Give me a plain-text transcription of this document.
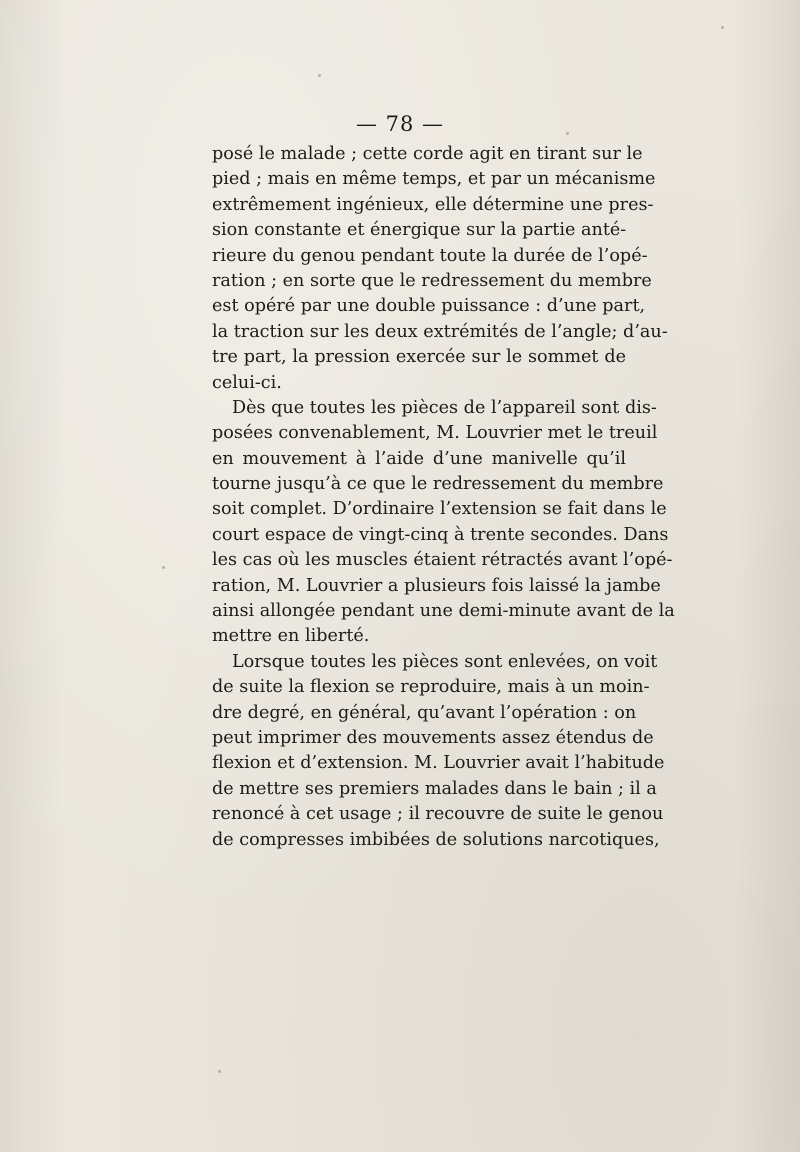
— 78 —
posé le malade ; cette corde agit en tirant sur le
pied ; mais en même temps, et par un mécanisme
extrêmement ingénieux, elle détermine une pres-
sion constante et énergique sur la partie anté-
rieure du genou pendant toute la durée de l’opé-
ration ; en sorte que le redressement du membre
est opéré par une double puissance : d’une part,
la traction sur les deux extrémités de l’angle; d’au-
tre part, la pression exercée sur le sommet de
celui-ci.
Dès que toutes les pièces de l’appareil sont dis-
posées convenablement, M. Louvrier met le treuil
en mouvement à l’aide d’une manivelle qu’il
tourne jusqu’à ce que le redressement du membre
soit complet. D’ordinaire l’extension se fait dans le
court espace de vingt-cinq à trente secondes. Dans
les cas où les muscles étaient rétractés avant l’opé-
ration, M. Louvrier a plusieurs fois laissé la jambe
ainsi allongée pendant une demi-minute avant de la
mettre en liberté.
Lorsque toutes les pièces sont enlevées, on voit
de suite la flexion se reproduire, mais à un moin-
dre degré, en général, qu’avant l’opération : on
peut imprimer des mouvements assez étendus de
flexion et d’extension. M. Louvrier avait l’habitude
de mettre ses premiers malades dans le bain ; il a
renoncé à cet usage ; il recouvre de suite le genou
de compresses imbibées de solutions narcotiques,
